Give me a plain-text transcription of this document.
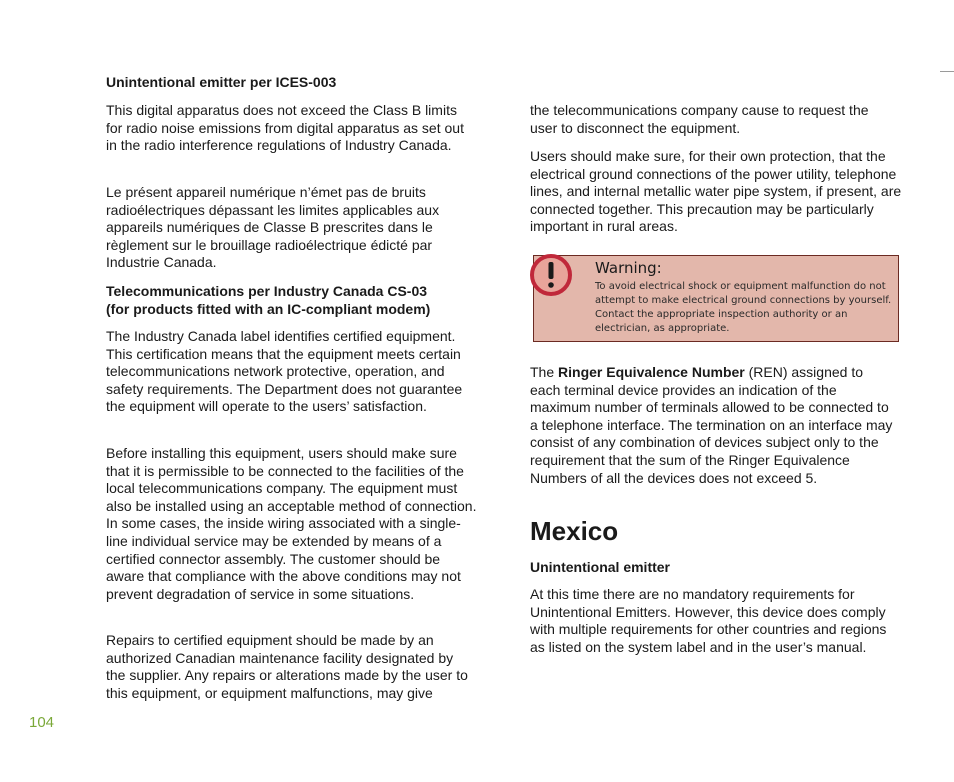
Unintentional emitter per ICES-003

This digital apparatus does not exceed the Class B limits for radio noise emissions from digital apparatus as set out in the radio interference regulations of Industry Canada.

Le présent appareil numérique n’émet pas de bruits radioélectriques dépassant les limites applicables aux appareils numériques de Classe B prescrites dans le règlement sur le brouillage radioélectrique édicté par Industrie Canada.

Telecommunications per Industry Canada CS-03
(for products fitted with an IC-compliant modem)

The Industry Canada label identifies certified equipment. This certification means that the equipment meets certain telecommunications network protective, operation, and safety requirements. The Department does not guarantee the equipment will operate to the users’ satisfaction.

Before installing this equipment, users should make sure that it is permissible to be connected to the facilities of the local telecommunications company. The equipment must also be installed using an acceptable method of connection. In some cases, the inside wiring associated with a single-line individual service may be extended by means of a certified connector assembly. The customer should be aware that compliance with the above conditions may not prevent degradation of service in some situations.

Repairs to certified equipment should be made by an authorized Canadian maintenance facility designated by the supplier. Any repairs or alterations made by the user to this equipment, or equipment malfunctions, may give

the telecommunications company cause to request the user to disconnect the equipment.

Users should make sure, for their own protection, that the electrical ground connections of the power utility, telephone lines, and internal metallic water pipe system, if present, are connected together. This precaution may be particularly important in rural areas.

The Ringer Equivalence Number (REN) assigned to each terminal device provides an indication of the maximum number of terminals allowed to be connected to a telephone interface. The termination on an interface may consist of any combination of devices subject only to the requirement that the sum of the Ringer Equivalence Numbers of all the devices does not exceed 5.

Unintentional emitter

At this time there are no mandatory requirements for Unintentional Emitters. However, this device does comply with multiple requirements for other countries and regions as listed on the system label and in the user’s manual.

Warning:
To avoid electrical shock or equipment malfunction do not attempt to make electrical ground connections by yourself. Contact the appropriate inspection authority or an electrician, as appropriate.
Mexico
104
